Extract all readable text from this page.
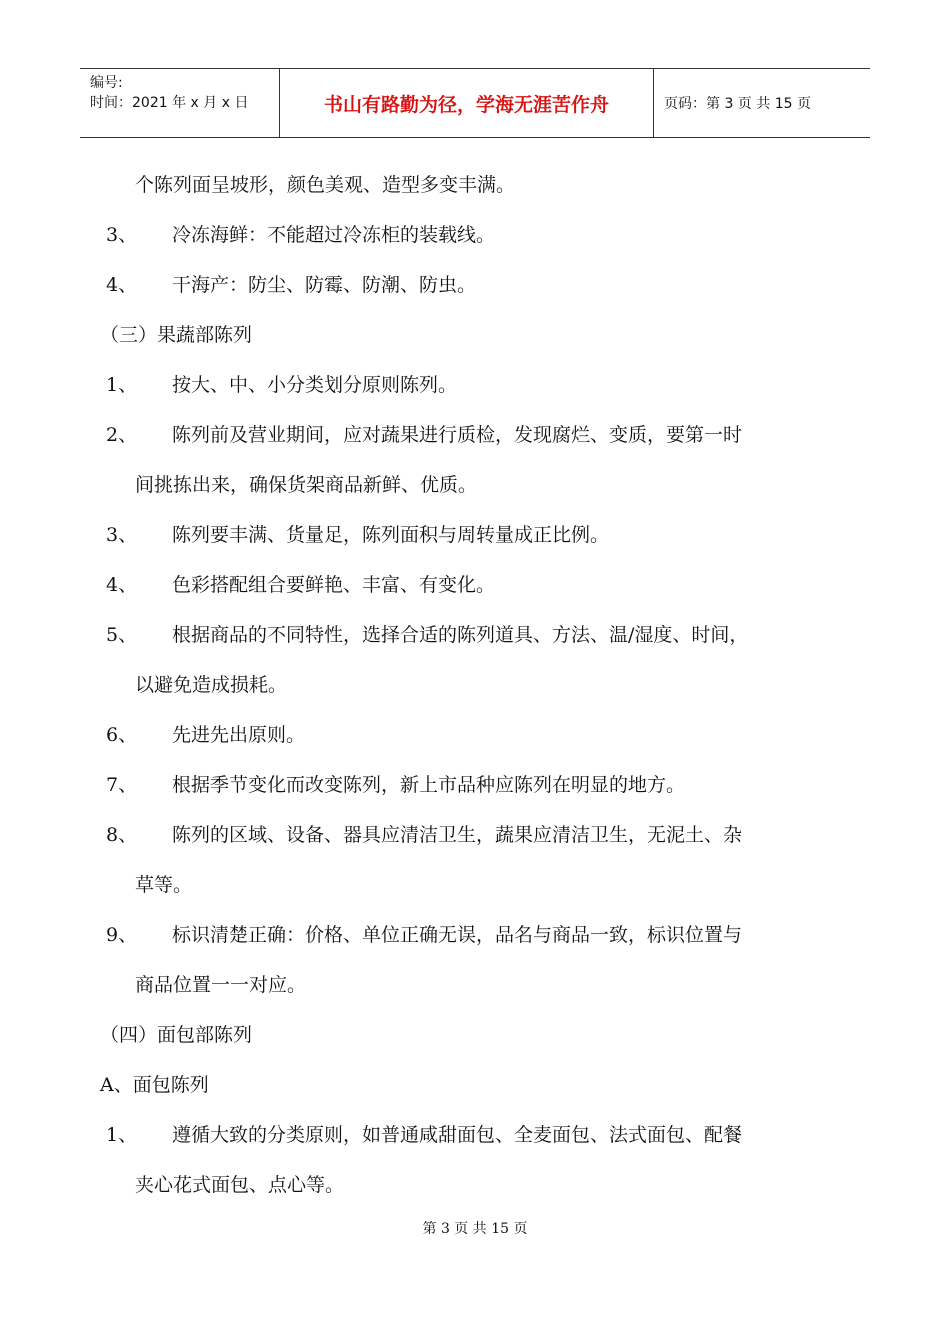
编号:
时间：2021 年 x 月 x 日	书山有路勤为径，学海无涯苦作舟	页码：第 3 页 共 15 页
个陈列面呈坡形，颜色美观、造型多变丰满。
3、 冷冻海鲜：不能超过冷冻柜的装载线。
4、 干海产：防尘、防霉、防潮、防虫。
（三）果蔬部陈列
1、 按大、中、小分类划分原则陈列。
2、 陈列前及营业期间，应对蔬果进行质检，发现腐烂、变质，要第一时
间挑拣出来，确保货架商品新鲜、优质。
3、 陈列要丰满、货量足，陈列面积与周转量成正比例。
4、 色彩搭配组合要鲜艳、丰富、有变化。
5、 根据商品的不同特性，选择合适的陈列道具、方法、温/湿度、时间，
以避免造成损耗。
6、 先进先出原则。
7、 根据季节变化而改变陈列，新上市品种应陈列在明显的地方。
8、 陈列的区域、设备、器具应清洁卫生，蔬果应清洁卫生，无泥土、杂
草等。
9、 标识清楚正确：价格、单位正确无误，品名与商品一致，标识位置与
商品位置一一对应。
（四）面包部陈列
A、面包陈列
1、 遵循大致的分类原则，如普通咸甜面包、全麦面包、法式面包、配餐
夹心花式面包、点心等。
第 3 页 共 15 页
